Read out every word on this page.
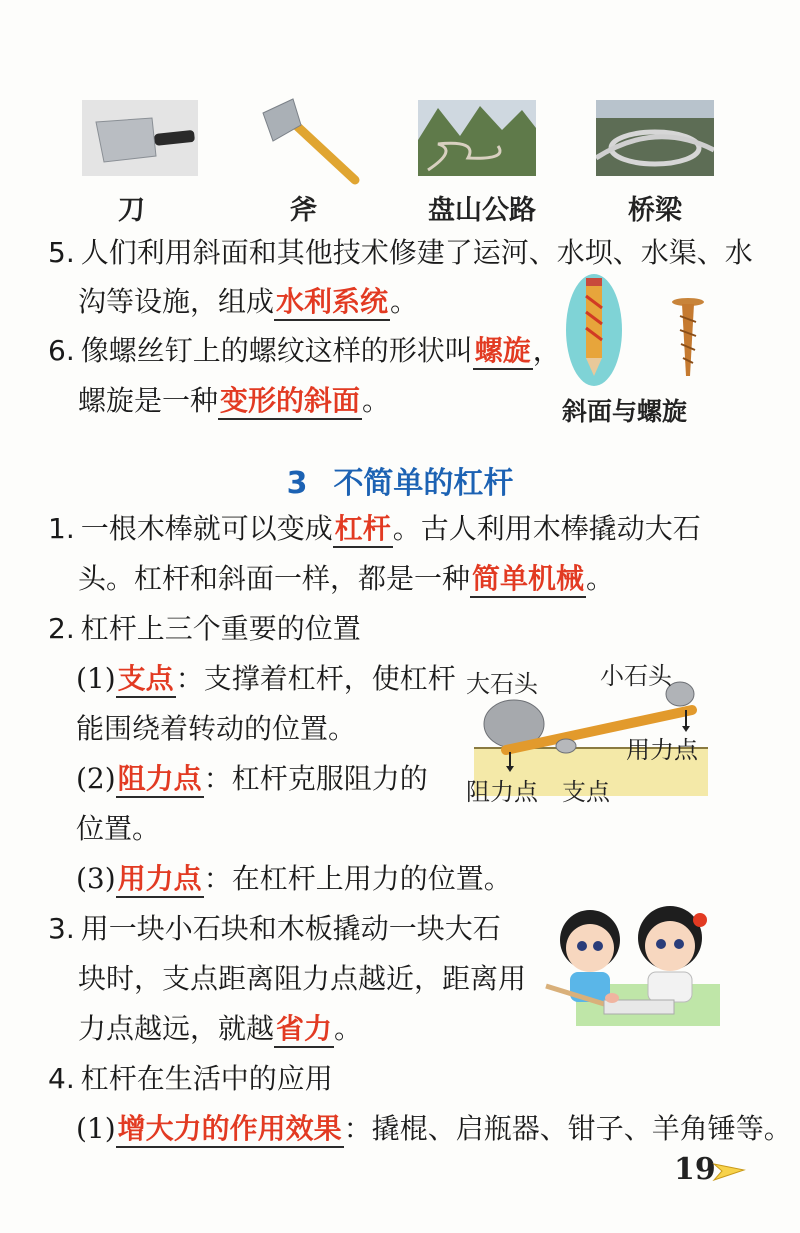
刀	斧	盘山公路	桥梁
5. 人们利用斜面和其他技术修建了运河、水坝、水渠、水
沟等设施，组成水利系统。
6. 像螺丝钉上的螺纹这样的形状叫螺旋，
螺旋是一种变形的斜面。	斜面与螺旋
3 不简单的杠杆
1. 一根木棒就可以变成杠杆。古人利用木棒撬动大石
头。杠杆和斜面一样，都是一种简单机械。
2. 杠杆上三个重要的位置
(1)支点：支撑着杠杆，使杠杆
能围绕着转动的位置。
(2)阻力点：杠杆克服阻力的
位置。
(3)用力点：在杠杆上用力的位置。
大石头	小石头
用力点
阻力点 支点
3. 用一块小石块和木板撬动一块大石
块时，支点距离阻力点越近，距离用
力点越远，就越省力。
4. 杠杆在生活中的应用
(1)增大力的作用效果：撬棍、启瓶器、钳子、羊角锤等。
19
